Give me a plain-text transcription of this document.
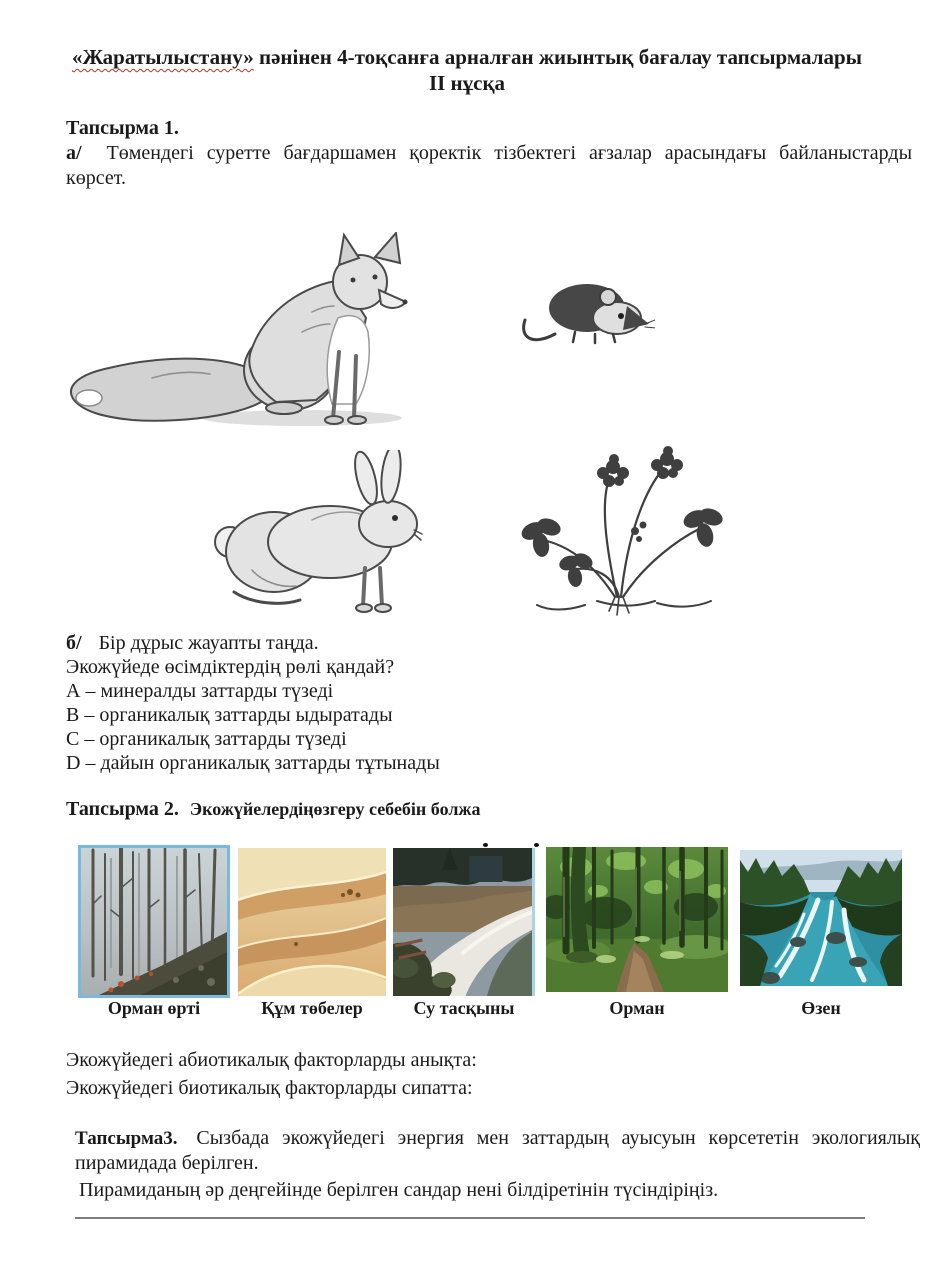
«Жаратылыстану» пәнінен 4-тоқсанға арналған жиынтық бағалау тапсырмалары
ІІ нұсқа
Тапсырма 1.
а/ Төмендегі суретте бағдаршамен қоректік тізбектегі ағзалар арасындағы байланыстарды көрсет.
б/ Бір дұрыс жауапты таңда.
Экожүйеде өсімдіктердің рөлі қандай?
А – минералды заттарды түзеді
В – органикалық заттарды ыдыратады
С – органикалық заттарды түзеді
D – дайын органикалық заттарды тұтынады
Тапсырма 2. Экожүйелердіңөзгеру себебін болжа
Орман өрті	Құм төбелер	Су тасқыны	Орман	Өзен
Экожүйедегі абиотикалық факторларды анықта:
Экожүйедегі биотикалық факторларды сипатта:
Тапсырма3. Сызбада экожүйедегі энергия мен заттардың ауысуын көрсететін экологиялық пирамидада берілген.
Пирамиданың әр деңгейінде берілген сандар нені білдіретінін түсіндіріңіз.
